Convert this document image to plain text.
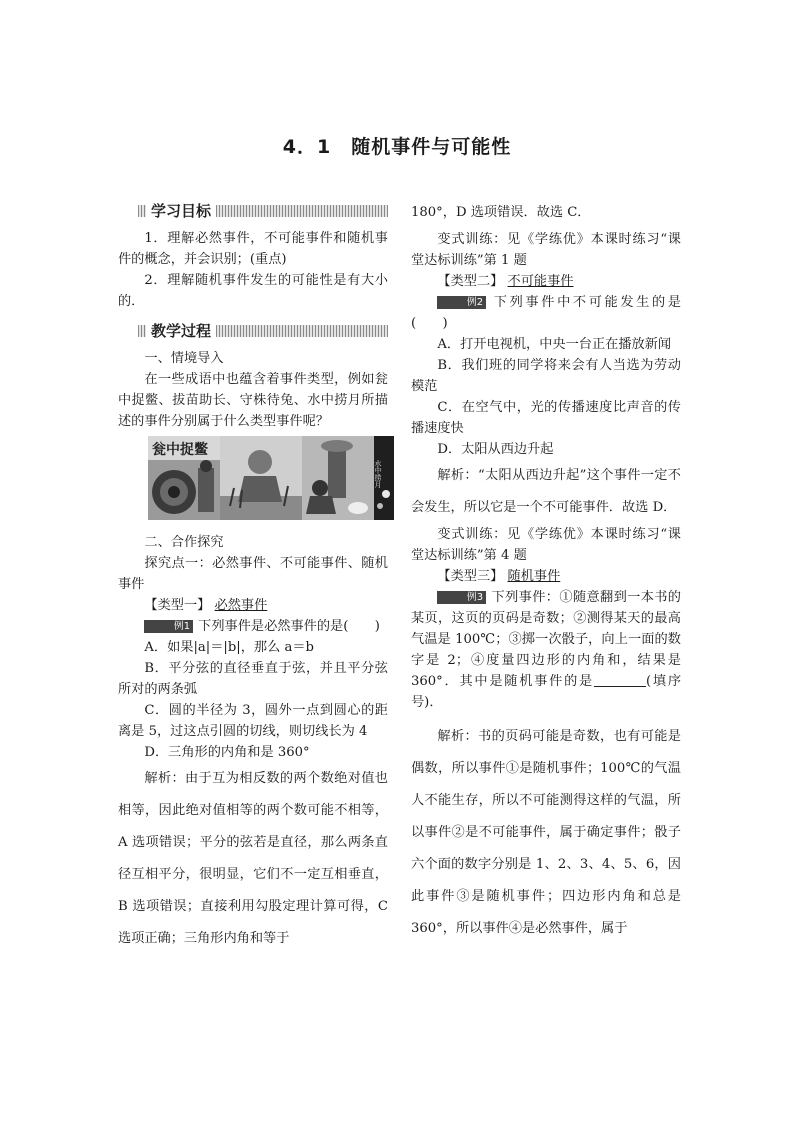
4．1　随机事件与可能性
学习目标

1．理解必然事件，不可能事件和随机事件的概念，并会识别；(重点)

2．理解随机事件发生的可能性是有大小的．

教学过程

一、情境导入

在一些成语中也蕴含着事件类型，例如瓮中捉鳖、拔苗助长、守株待兔、水中捞月所描述的事件分别属于什么类型事件呢？

瓮中捉鳖
水中捞月

二、合作探究

探究点一：必然事件、不可能事件、随机事件

【类型一】 必然事件

例1 下列事件是必然事件的是(　　)

A．如果|a|＝|b|，那么 a＝b

B．平分弦的直径垂直于弦，并且平分弦所对的两条弧

C．圆的半径为 3，圆外一点到圆心的距离是 5，过这点引圆的切线，则切线长为 4

D．三角形的内角和是 360°

解析：由于互为相反数的两个数绝对值也相等，因此绝对值相等的两个数可能不相等，A 选项错误；平分的弦若是直径，那么两条直径互相平分，很明显，它们不一定互相垂直，B 选项错误；直接利用勾股定理计算可得，C 选项正确；三角形内角和等于

180°，D 选项错误．故选 C．

变式训练：见《学练优》本课时练习“课堂达标训练”第 1 题

【类型二】 不可能事件

例2 下列事件中不可能发生的是(　　)

A．打开电视机，中央一台正在播放新闻

B．我们班的同学将来会有人当选为劳动模范

C．在空气中，光的传播速度比声音的传播速度快

D．太阳从西边升起

解析：“太阳从西边升起”这个事件一定不会发生，所以它是一个不可能事件．故选 D．

变式训练：见《学练优》本课时练习“课堂达标训练”第 4 题

【类型三】 随机事件

例3 下列事件：①随意翻到一本书的某页，这页的页码是奇数；②测得某天的最高气温是 100℃；③掷一次骰子，向上一面的数字是 2；④度量四边形的内角和，结果是 360°．其中是随机事件的是	(填序号)．

解析：书的页码可能是奇数，也有可能是偶数，所以事件①是随机事件；100℃的气温人不能生存，所以不可能测得这样的气温，所以事件②是不可能事件，属于确定事件；骰子六个面的数字分别是 1、2、3、4、5、6，因此事件③是随机事件；四边形内角和总是 360°，所以事件④是必然事件，属于
